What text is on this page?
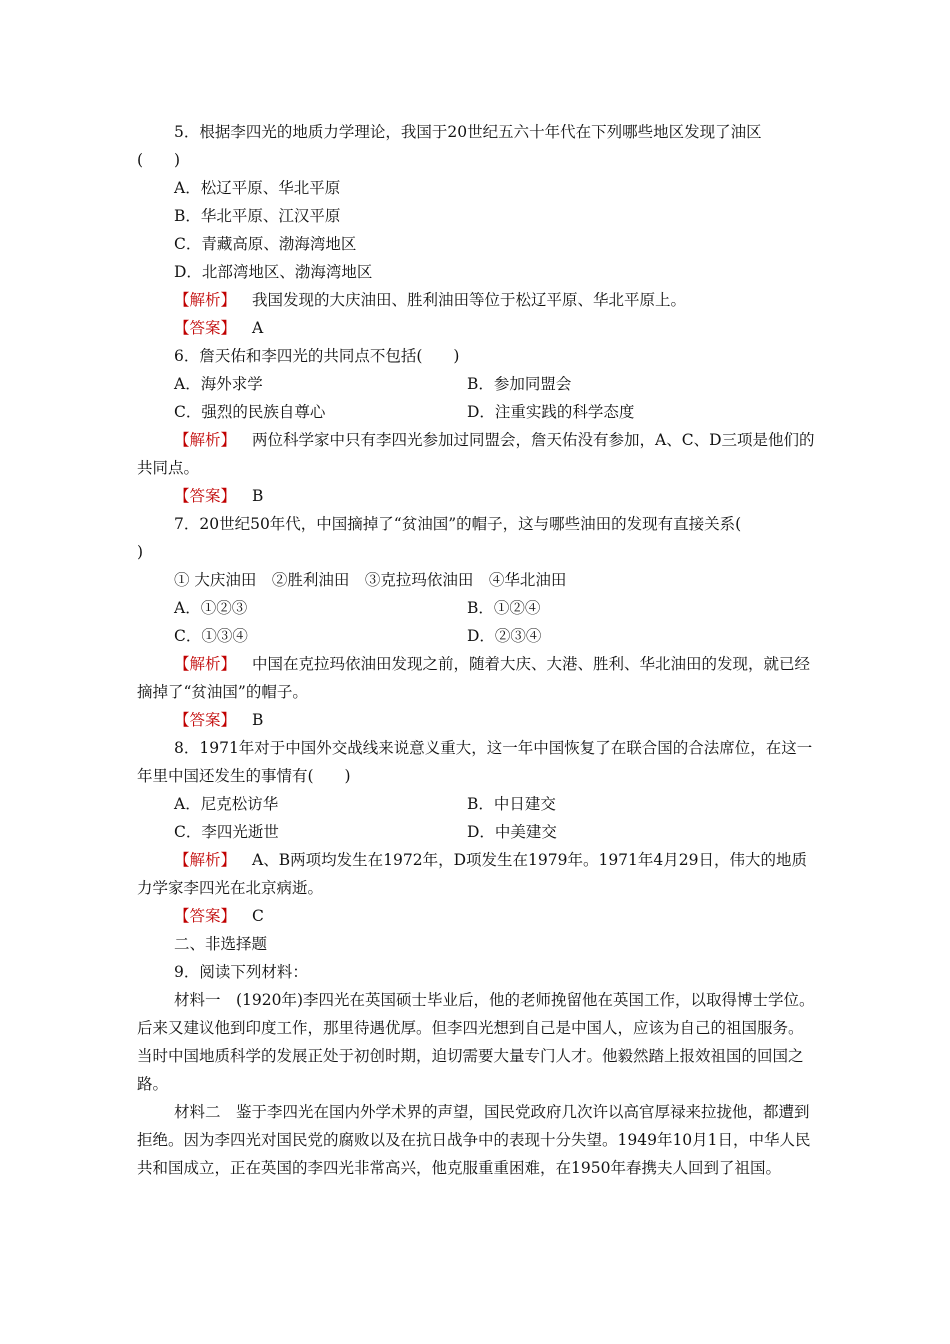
5．根据李四光的地质力学理论，我国于20世纪五六十年代在下列哪些地区发现了油区
(　　)
A．松辽平原、华北平原
B．华北平原、江汉平原
C．青藏高原、渤海湾地区
D．北部湾地区、渤海湾地区
【解析】 我国发现的大庆油田、胜利油田等位于松辽平原、华北平原上。
【答案】 A
6．詹天佑和李四光的共同点不包括(　　)
A．海外求学	B．参加同盟会
C．强烈的民族自尊心	D．注重实践的科学态度
【解析】 两位科学家中只有李四光参加过同盟会，詹天佑没有参加，A、C、D三项是他们的共同点。
【答案】 B
7．20世纪50年代，中国摘掉了“贫油国”的帽子，这与哪些油田的发现有直接关系(
)
① 大庆油田　②胜利油田　③克拉玛依油田　④华北油田
A．①②③	B．①②④
C．①③④	D．②③④
【解析】 中国在克拉玛依油田发现之前，随着大庆、大港、胜利、华北油田的发现，就已经摘掉了“贫油国”的帽子。
【答案】 B
8．1971年对于中国外交战线来说意义重大，这一年中国恢复了在联合国的合法席位，在这一年里中国还发生的事情有(　　)
A．尼克松访华	B．中日建交
C．李四光逝世	D．中美建交
【解析】 A、B两项均发生在1972年，D项发生在1979年。1971年4月29日，伟大的地质力学家李四光在北京病逝。
【答案】 C
二、非选择题
9．阅读下列材料：
材料一　(1920年)李四光在英国硕士毕业后，他的老师挽留他在英国工作，以取得博士学位。后来又建议他到印度工作，那里待遇优厚。但李四光想到自己是中国人，应该为自己的祖国服务。当时中国地质科学的发展正处于初创时期，迫切需要大量专门人才。他毅然踏上报效祖国的回国之路。
材料二　鉴于李四光在国内外学术界的声望，国民党政府几次许以高官厚禄来拉拢他，都遭到拒绝。因为李四光对国民党的腐败以及在抗日战争中的表现十分失望。1949年10月1日，中华人民共和国成立，正在英国的李四光非常高兴，他克服重重困难，在1950年春携夫人回到了祖国。
